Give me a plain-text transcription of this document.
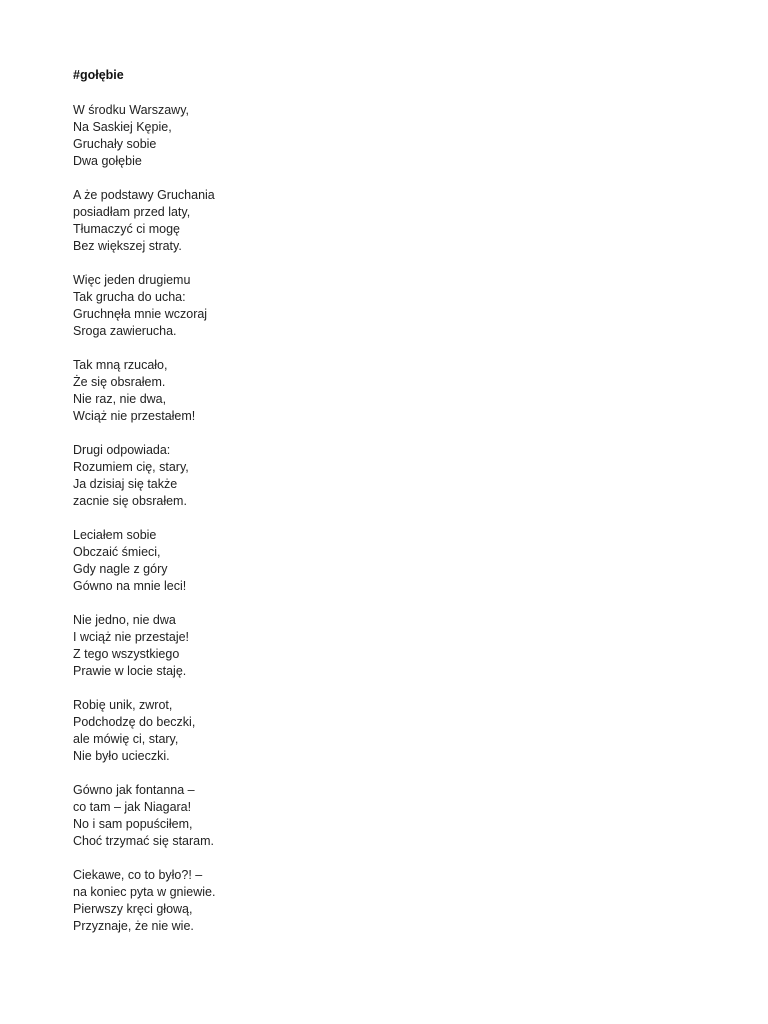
#gołębie
W środku Warszawy,
Na Saskiej Kępie,
Gruchały sobie
Dwa gołębie
A że podstawy Gruchania
posiadłam przed laty,
Tłumaczyć ci mogę
Bez większej straty.
Więc jeden drugiemu
Tak grucha do ucha:
Gruchnęła mnie wczoraj
Sroga zawierucha.
Tak mną rzucało,
Że się obsrałem.
Nie raz, nie dwa,
Wciąż nie przestałem!
Drugi odpowiada:
Rozumiem cię, stary,
Ja dzisiaj się także
zacnie się obsrałem.
Leciałem sobie
Obczaić śmieci,
Gdy nagle z góry
Gówno na mnie leci!
Nie jedno, nie dwa
I wciąż nie przestaje!
Z tego wszystkiego
Prawie w locie staję.
Robię unik, zwrot,
Podchodzę do beczki,
ale mówię ci, stary,
Nie było ucieczki.
Gówno jak fontanna –
co tam – jak Niagara!
No i sam popuściłem,
Choć trzymać się staram.
Ciekawe, co to było?! –
na koniec pyta w gniewie.
Pierwszy kręci głową,
Przyznaje, że nie wie.
